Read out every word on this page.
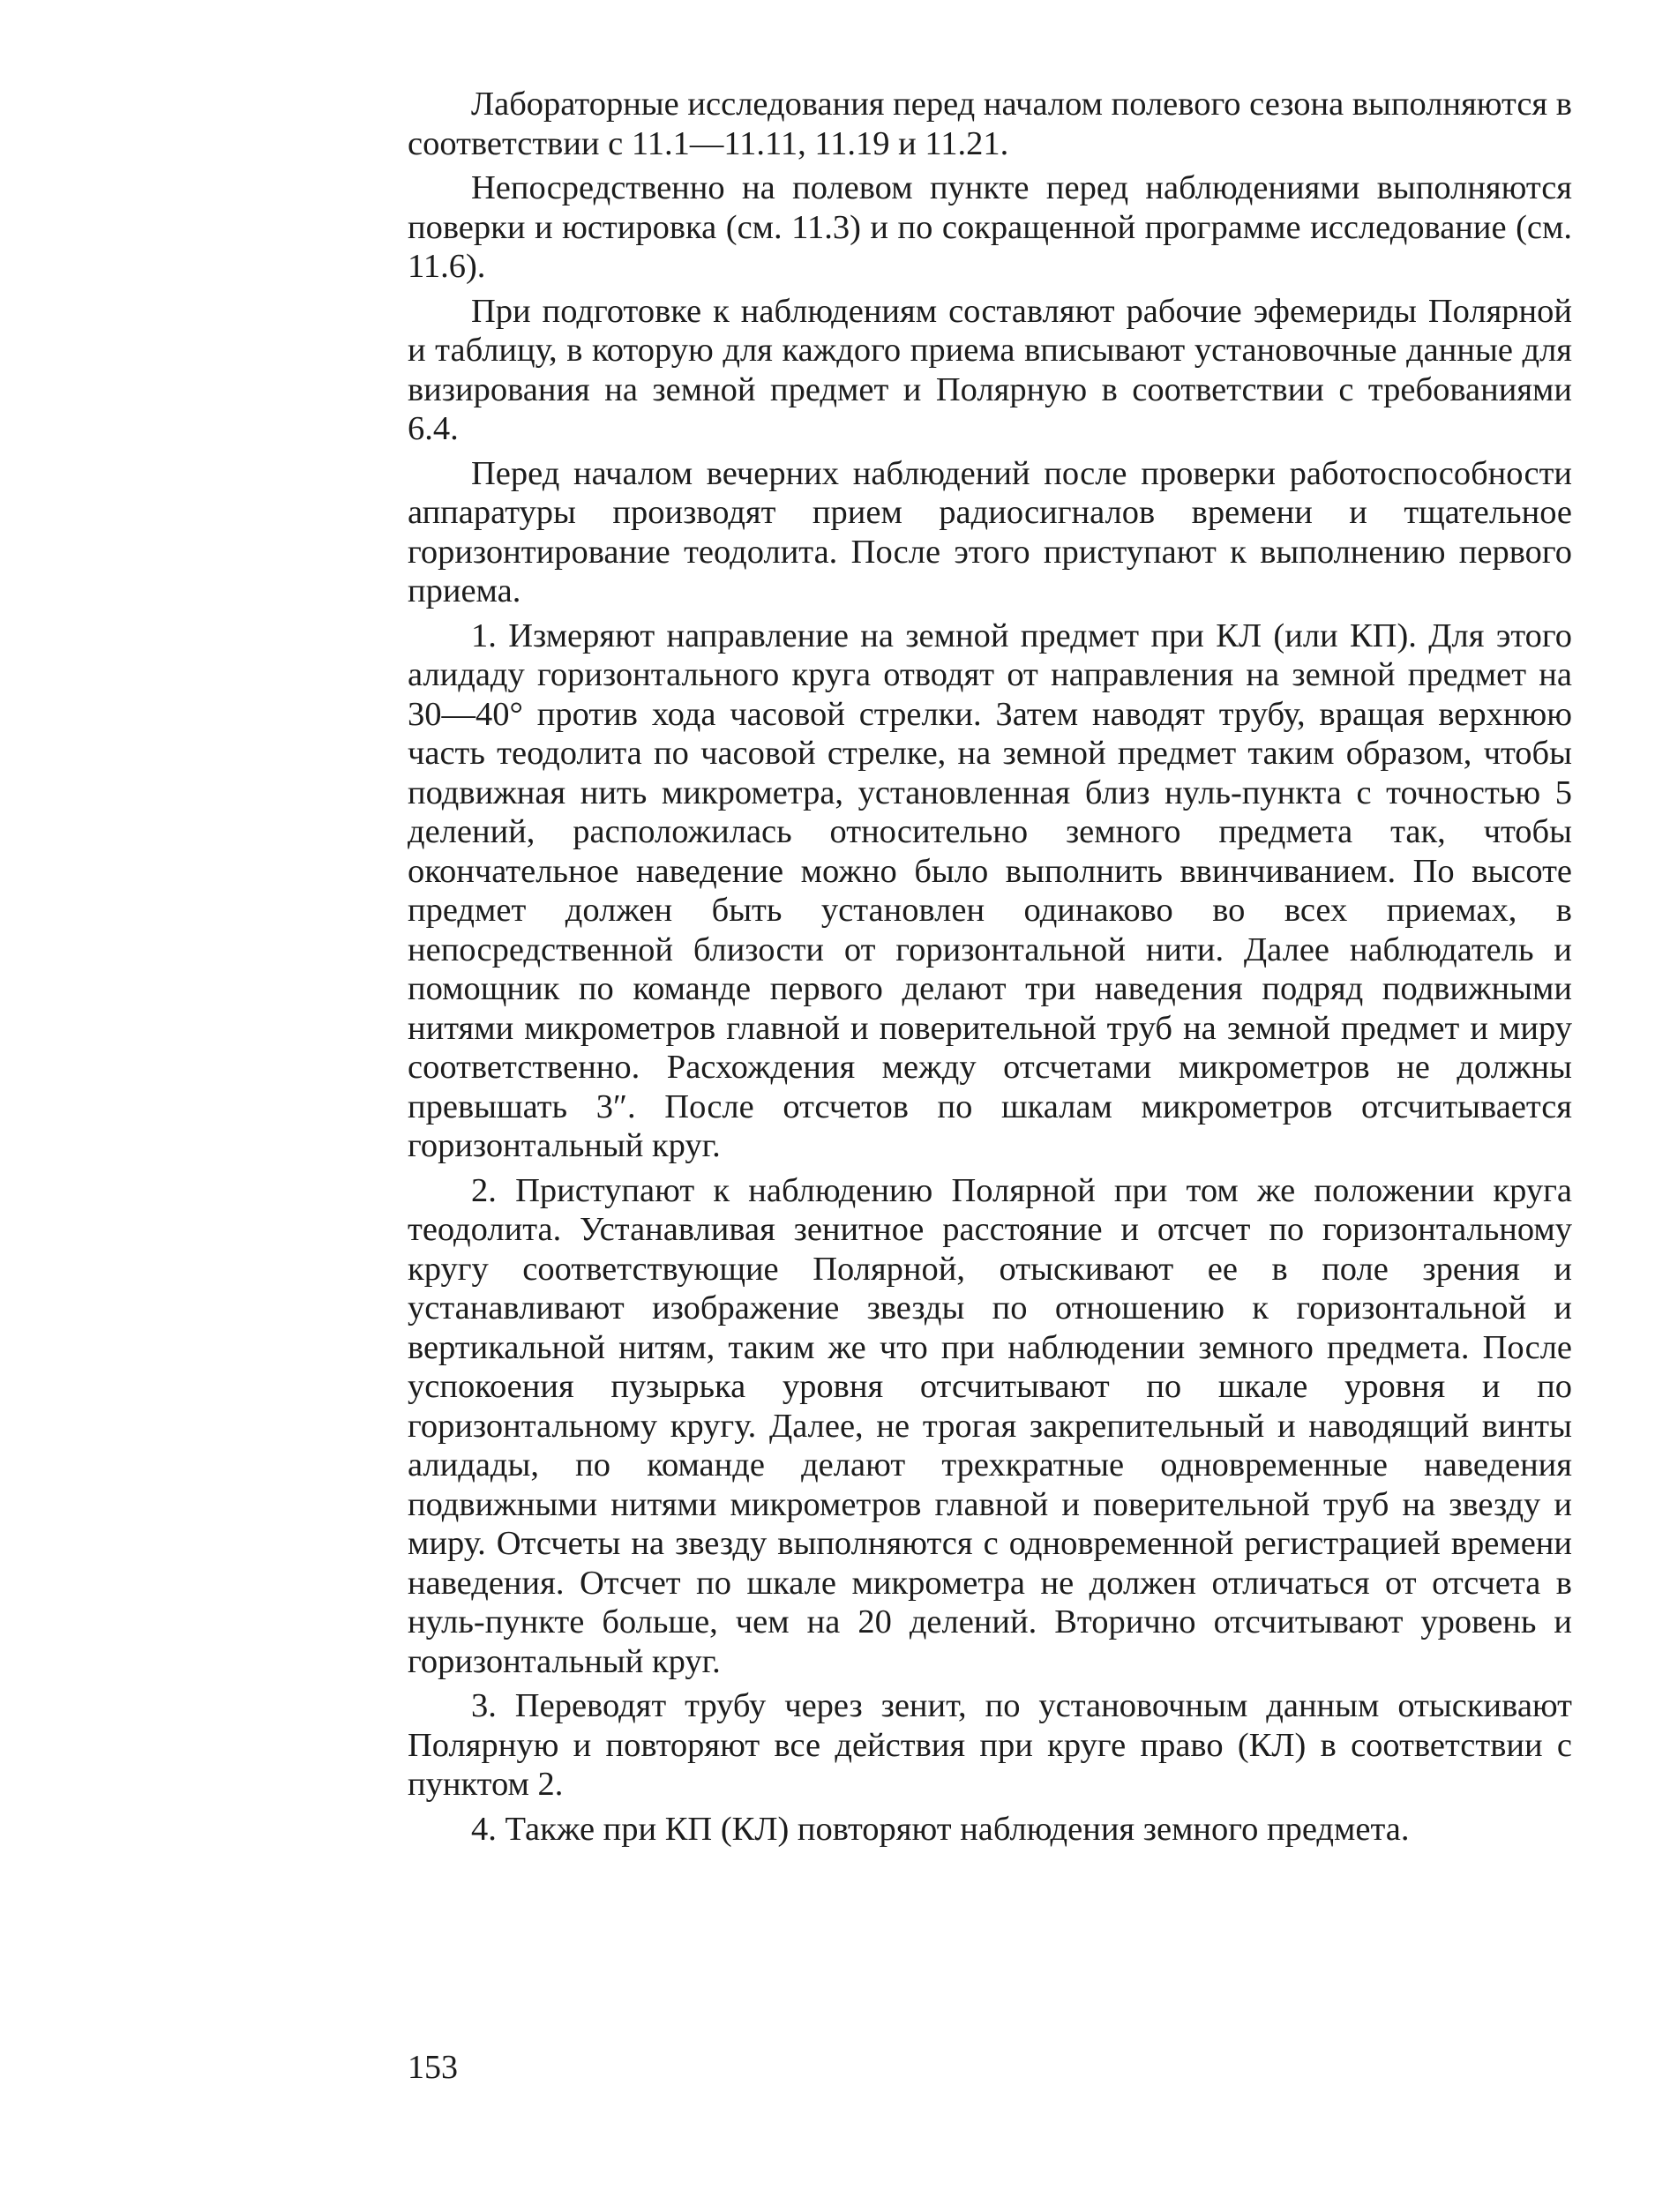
Лабораторные исследования перед началом полевого сезона выполняются в соответствии с 11.1—11.11, 11.19 и 11.21.

Непосредственно на полевом пункте перед наблюдениями выполняются поверки и юстировка (см. 11.3) и по сокращенной программе исследование (см. 11.6).

При подготовке к наблюдениям составляют рабочие эфемериды Полярной и таблицу, в которую для каждого приема вписывают установочные данные для визирования на земной предмет и Полярную в соответствии с требованиями 6.4.

Перед началом вечерних наблюдений после проверки работоспособности аппаратуры производят прием радиосигналов времени и тщательное горизонтирование теодолита. После этого приступают к выполнению первого приема.

1. Измеряют направление на земной предмет при КЛ (или КП). Для этого алидаду горизонтального круга отводят от направления на земной предмет на 30—40° против хода часовой стрелки. Затем наводят трубу, вращая верхнюю часть теодолита по часовой стрелке, на земной предмет таким образом, чтобы подвижная нить микрометра, установленная близ нуль-пункта с точностью 5 делений, расположилась относительно земного предмета так, чтобы окончательное наведение можно было выполнить ввинчиванием. По высоте предмет должен быть установлен одинаково во всех приемах, в непосредственной близости от горизонтальной нити. Далее наблюдатель и помощник по команде первого делают три наведения подряд подвижными нитями микрометров главной и поверительной труб на земной предмет и миру соответственно. Расхождения между отсчетами микрометров не должны превышать 3″. После отсчетов по шкалам микрометров отсчитывается горизонтальный круг.

2. Приступают к наблюдению Полярной при том же положении круга теодолита. Устанавливая зенитное расстояние и отсчет по горизонтальному кругу соответствующие Полярной, отыскивают ее в поле зрения и устанавливают изображение звезды по отношению к горизонтальной и вертикальной нитям, таким же что при наблюдении земного предмета. После успокоения пузырька уровня отсчитывают по шкале уровня и по горизонтальному кругу. Далее, не трогая закрепительный и наводящий винты алидады, по команде делают трехкратные одновременные наведения подвижными нитями микрометров главной и поверительной труб на звезду и миру. Отсчеты на звезду выполняются с одновременной регистрацией времени наведения. Отсчет по шкале микрометра не должен отличаться от отсчета в нуль-пункте больше, чем на 20 делений. Вторично отсчитывают уровень и горизонтальный круг.

3. Переводят трубу через зенит, по установочным данным отыскивают Полярную и повторяют все действия при круге право (КЛ) в соответствии с пунктом 2.

4. Также при КП (КЛ) повторяют наблюдения земного предмета.

153
